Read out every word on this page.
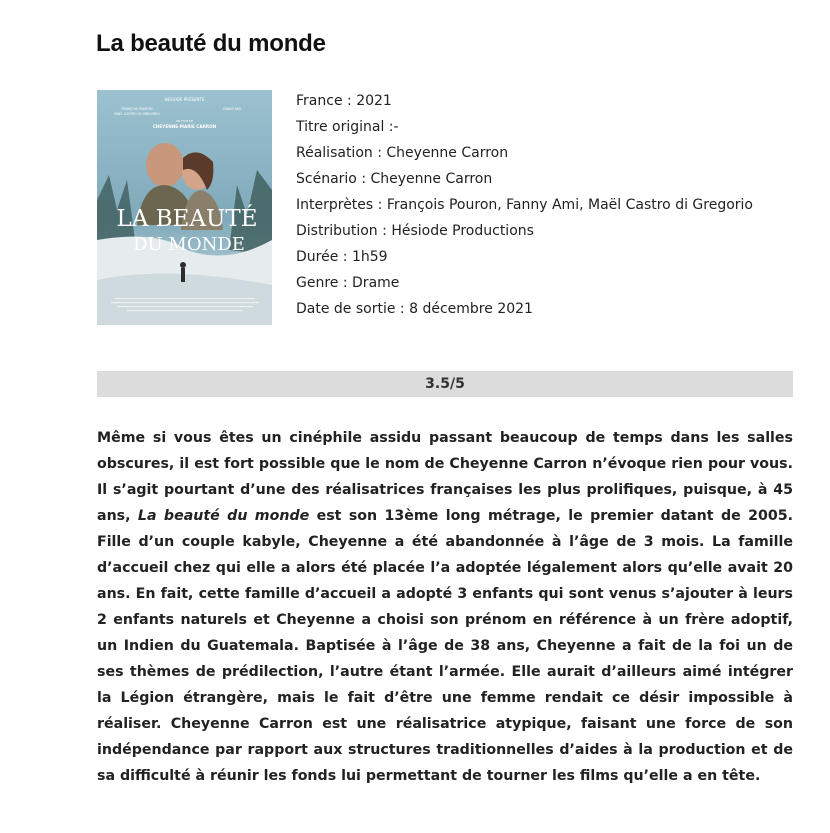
La beauté du monde
HESIODE PRÉSENTE
FRANÇOIS POURON
MAËL CASTRO DI GREGORIO
FANNY AMI
UN FILM DE
CHEYENNE-MARIE CARRON
LA BEAUTÉ
DU MONDE

France : 2021

Titre original :-

Réalisation : Cheyenne Carron

Scénario : Cheyenne Carron

Interprètes : François Pouron, Fanny Ami, Maël Castro di Gregorio

Distribution : Hésiode Productions

Durée : 1h59

Genre : Drame

Date de sortie : 8 décembre 2021

3.5/5

Même si vous êtes un cinéphile assidu passant beaucoup de temps dans les salles obscures, il est fort possible que le nom de Cheyenne Carron n’évoque rien pour vous. Il s’agit pourtant d’une des réalisatrices françaises les plus prolifiques, puisque, à 45 ans, La beauté du monde est son 13ème long métrage, le premier datant de 2005. Fille d’un couple kabyle, Cheyenne a été abandonnée à l’âge de 3 mois. La famille d’accueil chez qui elle a alors été placée l’a adoptée légalement alors qu’elle avait 20 ans. En fait, cette famille d’accueil a adopté 3 enfants qui sont venus s’ajouter à leurs 2 enfants naturels et Cheyenne a choisi son prénom en référence à un frère adoptif, un Indien du Guatemala. Baptisée à l’âge de 38 ans, Cheyenne a fait de la foi un de ses thèmes de prédilection, l’autre étant l’armée. Elle aurait d’ailleurs aimé intégrer la Légion étrangère, mais le fait d’être une femme rendait ce désir impossible à réaliser. Cheyenne Carron est une réalisatrice atypique, faisant une force de son indépendance par rapport aux structures traditionnelles d’aides à la production et de sa difficulté à réunir les fonds lui permettant de tourner les films qu’elle a en tête.
